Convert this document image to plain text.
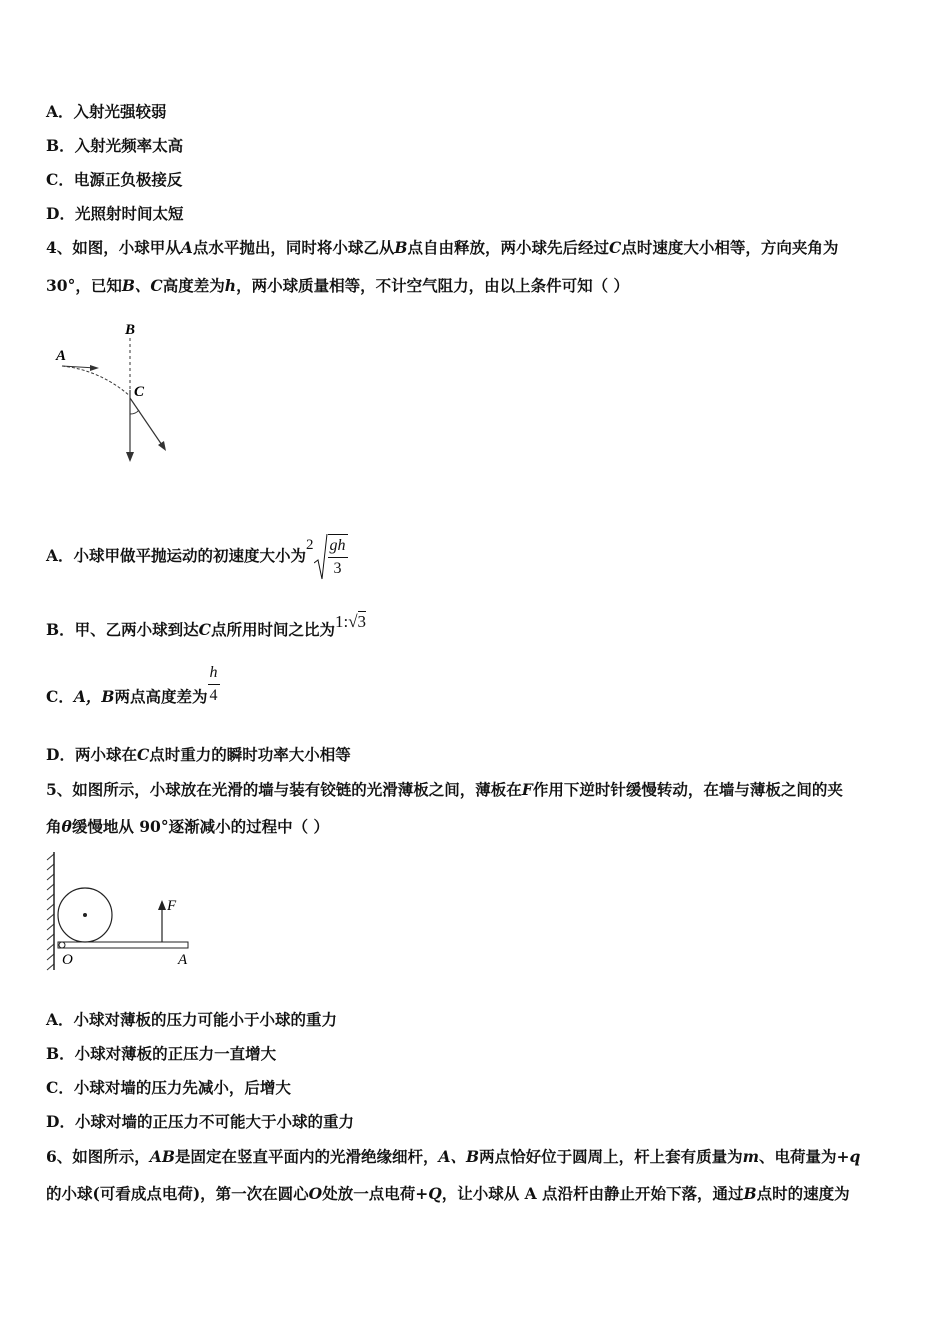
A．入射光强较弱
B．入射光频率太高
C．电源正负极接反
D．光照射时间太短
4、如图，小球甲从A点水平抛出，同时将小球乙从B点自由释放，两小球先后经过C点时速度大小相等，方向夹角为
30°，已知B、C高度差为h，两小球质量相等，不计空气阻力，由以上条件可知（ ）
B
A
C
A．小球甲做平抛运动的初速度大小为$2 \frac{gh}{3}$
B．甲、乙两小球到达C点所用时间之比为1:√3
C．A，B两点高度差为 $\frac{h}{4}$
D．两小球在C点时重力的瞬时功率大小相等
5、如图所示，小球放在光滑的墙与装有铰链的光滑薄板之间，薄板在F作用下逆时针缓慢转动，在墙与薄板之间的夹
角θ缓慢地从 90°逐渐减小的过程中（ ）
F
O	A
A．小球对薄板的压力可能小于小球的重力
B．小球对薄板的正压力一直增大
C．小球对墙的压力先减小，后增大
D．小球对墙的正压力不可能大于小球的重力
6、如图所示，AB是固定在竖直平面内的光滑绝缘细杆，A、B两点恰好位于圆周上，杆上套有质量为m、电荷量为+q
的小球(可看成点电荷)，第一次在圆心O处放一点电荷+Q，让小球从 A 点沿杆由静止开始下落，通过B点时的速度为
